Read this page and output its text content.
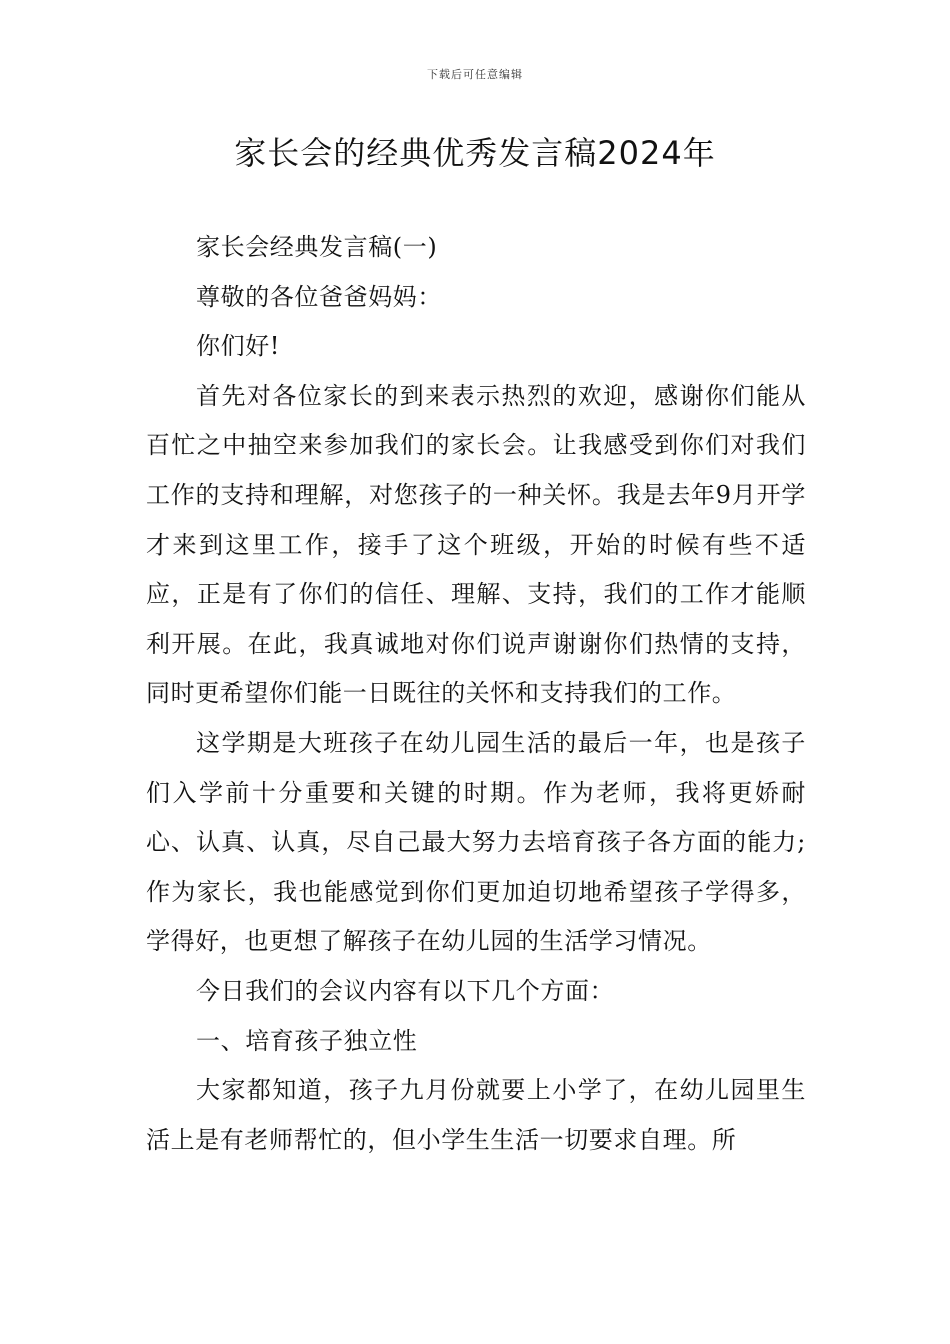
下载后可任意编辑
家长会的经典优秀发言稿2024年

家长会经典发言稿(一)

尊敬的各位爸爸妈妈：

你们好!

首先对各位家长的到来表示热烈的欢迎，感谢你们能从百忙之中抽空来参加我们的家长会。让我感受到你们对我们工作的支持和理解，对您孩子的一种关怀。我是去年9月开学才来到这里工作，接手了这个班级，开始的时候有些不适应，正是有了你们的信任、理解、支持，我们的工作才能顺利开展。在此，我真诚地对你们说声谢谢你们热情的支持，同时更希望你们能一日既往的关怀和支持我们的工作。

这学期是大班孩子在幼儿园生活的最后一年，也是孩子们入学前十分重要和关键的时期。作为老师，我将更娇耐心、认真、认真，尽自己最大努力去培育孩子各方面的能力;作为家长，我也能感觉到你们更加迫切地希望孩子学得多，学得好，也更想了解孩子在幼儿园的生活学习情况。

今日我们的会议内容有以下几个方面：

一、培育孩子独立性

大家都知道，孩子九月份就要上小学了，在幼儿园里生活上是有老师帮忙的，但小学生生活一切要求自理。所
